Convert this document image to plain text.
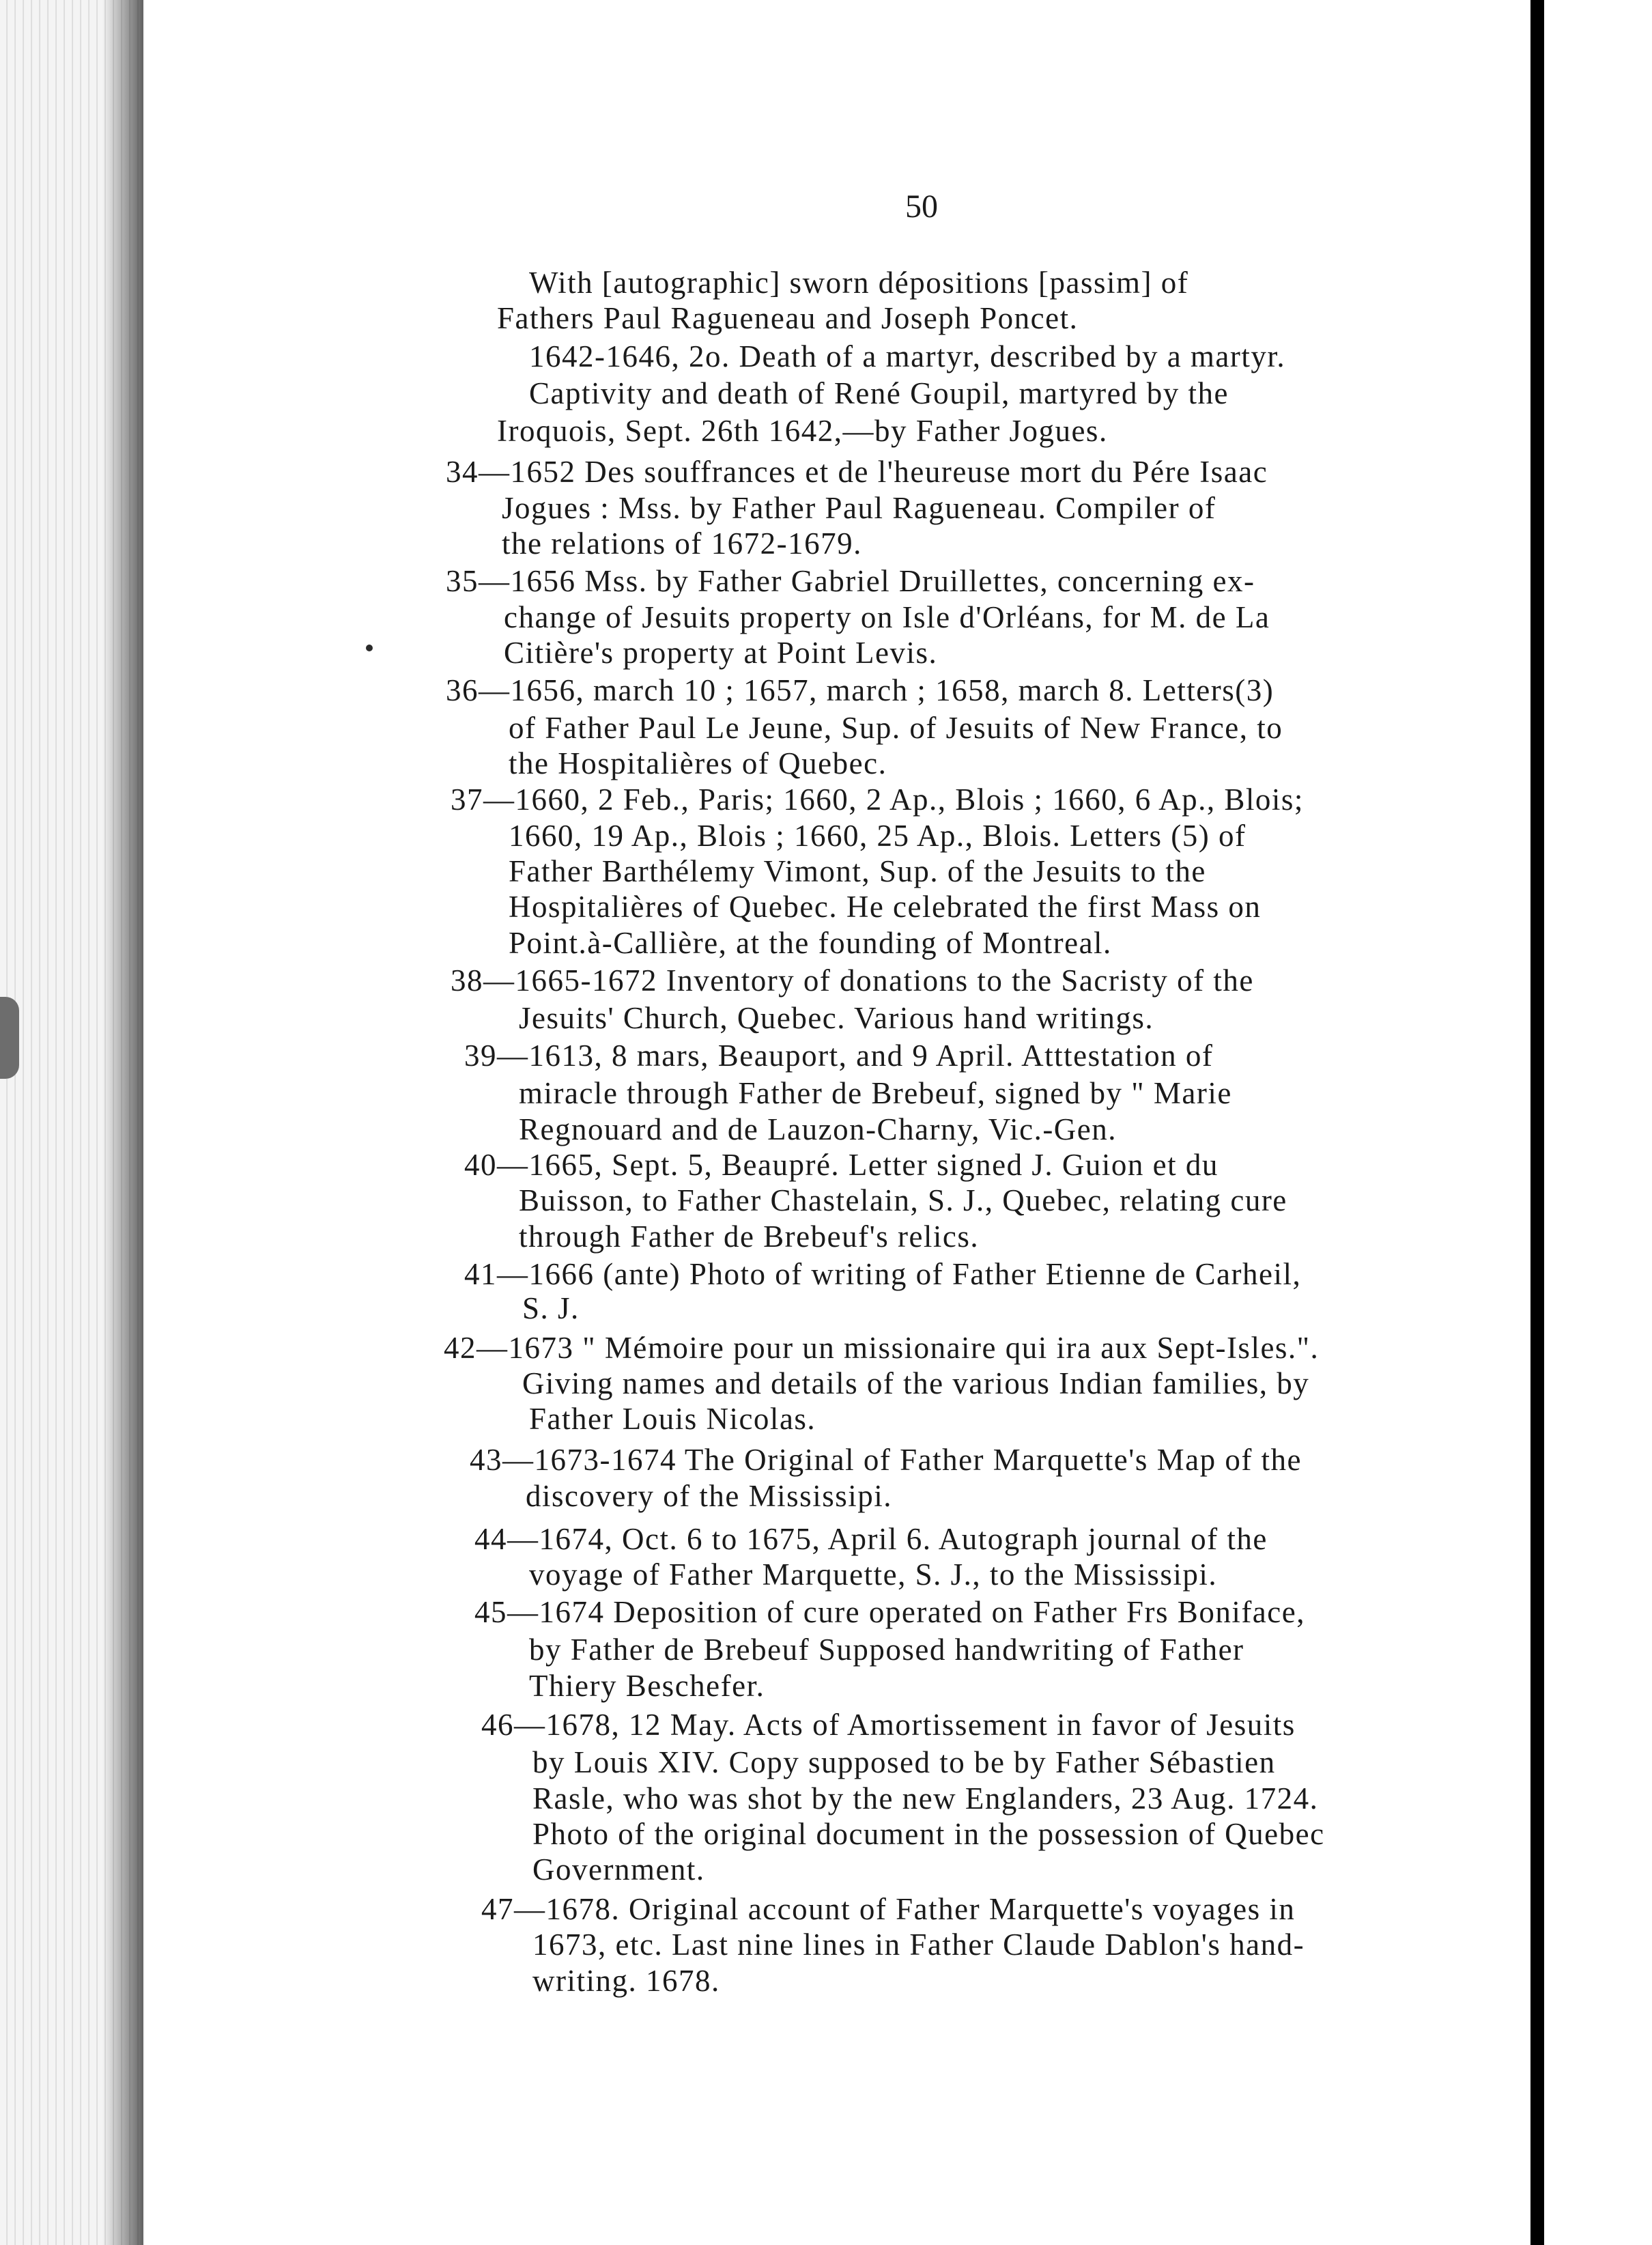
50
With [autographic] sworn dépositions [passim] of
Fathers Paul Ragueneau and Joseph Poncet.
1642-1646, 2o. Death of a martyr, described by a martyr.
Captivity and death of René Goupil, martyred by the
Iroquois, Sept. 26th 1642,—by Father Jogues.
34—1652 Des souffrances et de l'heureuse mort du Pére Isaac
Jogues : Mss. by Father Paul Ragueneau. Compiler of
the relations of 1672-1679.
35—1656 Mss. by Father Gabriel Druillettes, concerning ex-
change of Jesuits property on Isle d'Orléans, for M. de La
Citière's property at Point Levis.
36—1656, march 10 ; 1657, march ; 1658, march 8. Letters(3)
of Father Paul Le Jeune, Sup. of Jesuits of New France, to
the Hospitalières of Quebec.
37—1660, 2 Feb., Paris; 1660, 2 Ap., Blois ; 1660, 6 Ap., Blois;
1660, 19 Ap., Blois ; 1660, 25 Ap., Blois. Letters (5) of
Father Barthélemy Vimont, Sup. of the Jesuits to the
Hospitalières of Quebec. He celebrated the first Mass on
Point.à-Callière, at the founding of Montreal.
38—1665-1672 Inventory of donations to the Sacristy of the
Jesuits' Church, Quebec. Various hand writings.
39—1613, 8 mars, Beauport, and 9 April. Atttestation of
miracle through Father de Brebeuf, signed by " Marie
Regnouard and de Lauzon-Charny, Vic.-Gen.
40—1665, Sept. 5, Beaupré. Letter signed J. Guion et du
Buisson, to Father Chastelain, S. J., Quebec, relating cure
through Father de Brebeuf's relics.
41—1666 (ante) Photo of writing of Father Etienne de Carheil,
S. J.
42—1673 " Mémoire pour un missionaire qui ira aux Sept-Isles.".
Giving names and details of the various Indian families, by
Father Louis Nicolas.
43—1673-1674 The Original of Father Marquette's Map of the
discovery of the Mississipi.
44—1674, Oct. 6 to 1675, April 6. Autograph journal of the
voyage of Father Marquette, S. J., to the Mississipi.
45—1674 Deposition of cure operated on Father Frs Boniface,
by Father de Brebeuf Supposed handwriting of Father
Thiery Beschefer.
46—1678, 12 May. Acts of Amortissement in favor of Jesuits
by Louis XIV. Copy supposed to be by Father Sébastien
Rasle, who was shot by the new Englanders, 23 Aug. 1724.
Photo of the original document in the possession of Quebec
Government.
47—1678. Original account of Father Marquette's voyages in
1673, etc. Last nine lines in Father Claude Dablon's hand-
writing. 1678.
